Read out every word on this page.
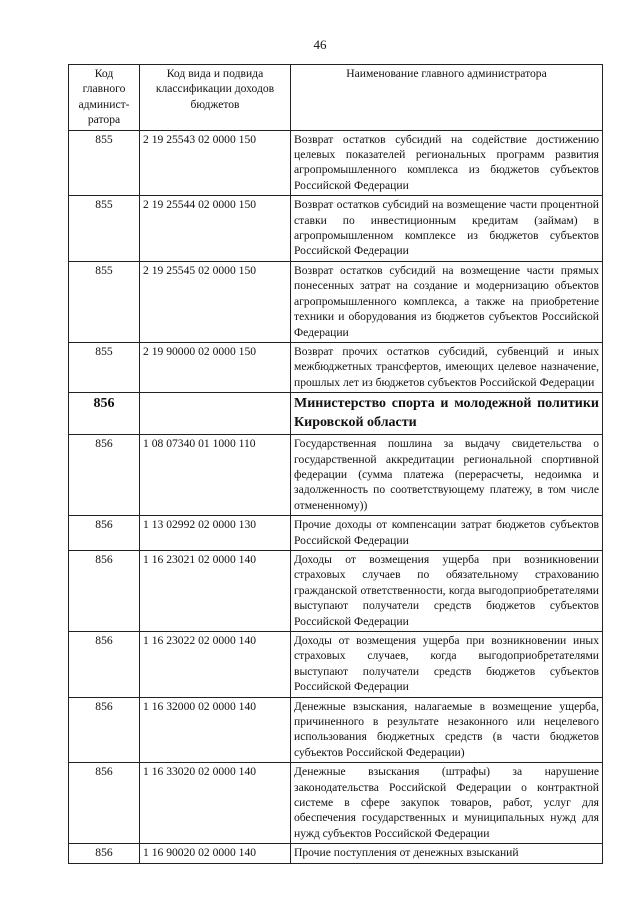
46
Код главного админист-ратора	Код вида и подвида классификации доходов бюджетов	Наименование главного администратора
855	2 19 25543 02 0000 150	Возврат остатков субсидий на содействие достижению целевых показателей региональных программ развития агропромышленного комплекса из бюджетов субъектов Российской Федерации
855	2 19 25544 02 0000 150	Возврат остатков субсидий на возмещение части процентной ставки по инвестиционным кредитам (займам) в агропромышленном комплексе из бюджетов субъектов Российской Федерации
855	2 19 25545 02 0000 150	Возврат остатков субсидий на возмещение части прямых понесенных затрат на создание и модернизацию объектов агропромышленного комплекса, а также на приобретение техники и оборудования из бюджетов субъектов Российской Федерации
855	2 19 90000 02 0000 150	Возврат прочих остатков субсидий, субвенций и иных межбюджетных трансфертов, имеющих целевое назначение, прошлых лет из бюджетов субъектов Российской Федерации
856		Министерство спорта и молодежной политики Кировской области
856	1 08 07340 01 1000 110	Государственная пошлина за выдачу свидетельства о государственной аккредитации региональной спортивной федерации (сумма платежа (перерасчеты, недоимка и задолженность по соответствующему платежу, в том числе отмененному))
856	1 13 02992 02 0000 130	Прочие доходы от компенсации затрат бюджетов субъектов Российской Федерации
856	1 16 23021 02 0000 140	Доходы от возмещения ущерба при возникновении страховых случаев по обязательному страхованию гражданской ответственности, когда выгодоприобретателями выступают получатели средств бюджетов субъектов Российской Федерации
856	1 16 23022 02 0000 140	Доходы от возмещения ущерба при возникновении иных страховых случаев, когда выгодоприобретателями выступают получатели средств бюджетов субъектов Российской Федерации
856	1 16 32000 02 0000 140	Денежные взыскания, налагаемые в возмещение ущерба, причиненного в результате незаконного или нецелевого использования бюджетных средств (в части бюджетов субъектов Российской Федерации)
856	1 16 33020 02 0000 140	Денежные взыскания (штрафы) за нарушение законодательства Российской Федерации о контрактной системе в сфере закупок товаров, работ, услуг для обеспечения государственных и муниципальных нужд для нужд субъектов Российской Федерации
856	1 16 90020 02 0000 140	Прочие поступления от денежных взысканий
